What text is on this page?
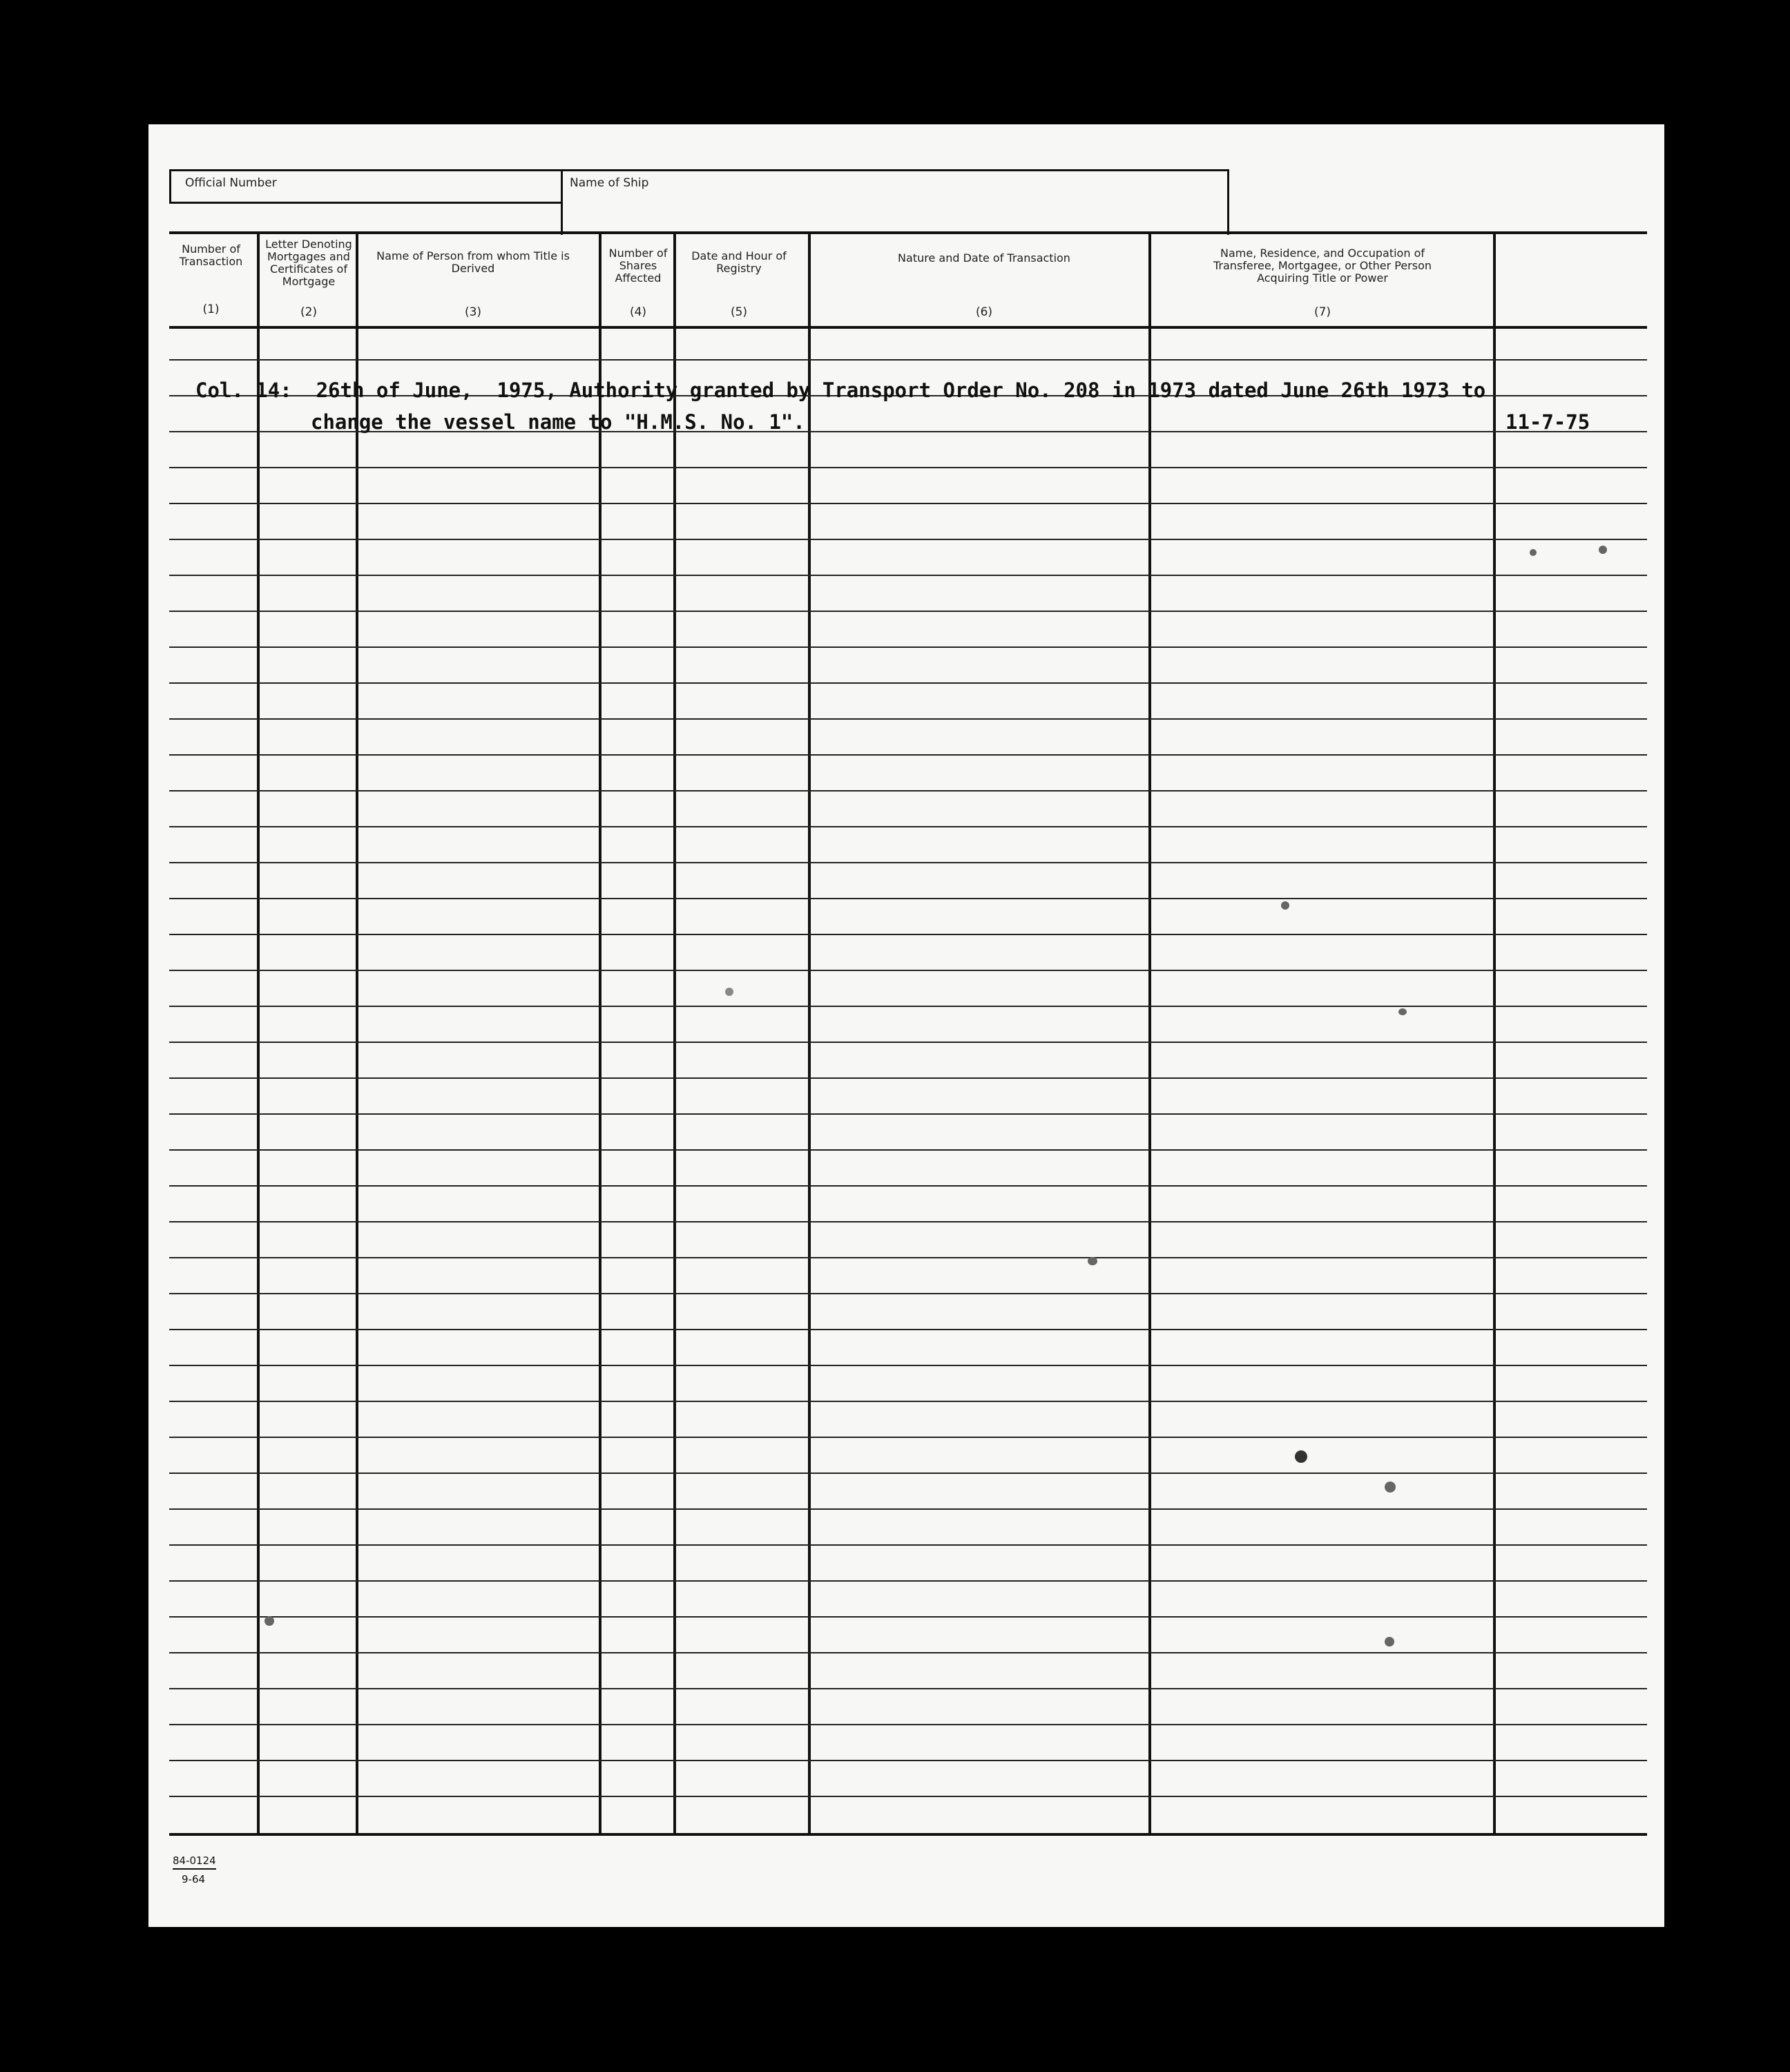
Official Number	Name of Ship
Number of Transaction
(1)
Letter Denoting Mortgages and Certificates of Mortgage
(2)
Name of Person from whom Title is Derived
(3)
Number of Shares Affected
(4)
Date and Hour of Registry
(5)
Nature and Date of Transaction
(6)
Name, Residence, and Occupation of Transferee, Mortgagee, or Other Person Acquiring Title or Power
(7)
Col. 14:  26th of June,  1975, Authority granted by Transport Order No. 208 in 1973 dated June 26th 1973 to
change the vessel name to "H.M.S. No. 1".	11-7-75
84-0124
9-64
